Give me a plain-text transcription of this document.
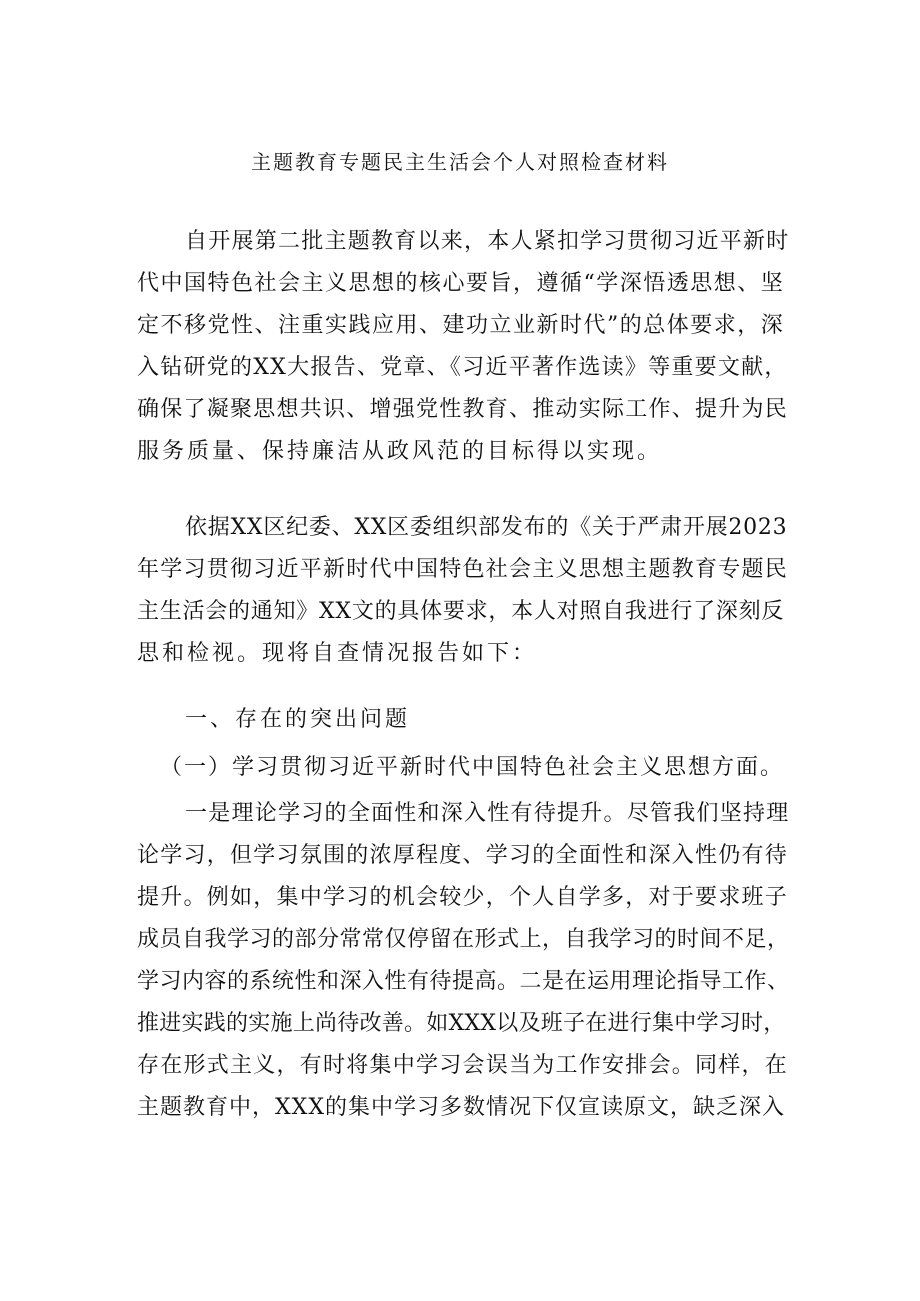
主题教育专题民主生活会个人对照检查材料
自开展第二批主题教育以来，本人紧扣学习贯彻习近平新时
代中国特色社会主义思想的核心要旨，遵循“学深悟透思想、坚
定不移党性、注重实践应用、建功立业新时代”的总体要求，深
入钻研党的XX大报告、党章、《习近平著作选读》等重要文献，
确保了凝聚思想共识、增强党性教育、推动实际工作、提升为民
服务质量、保持廉洁从政风范的目标得以实现。
依据XX区纪委、XX区委组织部发布的《关于严肃开展2023
年学习贯彻习近平新时代中国特色社会主义思想主题教育专题民
主生活会的通知》XX文的具体要求，本人对照自我进行了深刻反
思和检视。现将自查情况报告如下：
一、存在的突出问题
（一）学习贯彻习近平新时代中国特色社会主义思想方面。
一是理论学习的全面性和深入性有待提升。尽管我们坚持理
论学习，但学习氛围的浓厚程度、学习的全面性和深入性仍有待
提升。例如，集中学习的机会较少，个人自学多，对于要求班子
成员自我学习的部分常常仅停留在形式上，自我学习的时间不足，
学习内容的系统性和深入性有待提高。二是在运用理论指导工作、
推进实践的实施上尚待改善。如XXX以及班子在进行集中学习时，
存在形式主义，有时将集中学习会误当为工作安排会。同样，在
主题教育中，XXX的集中学习多数情况下仅宣读原文，缺乏深入
